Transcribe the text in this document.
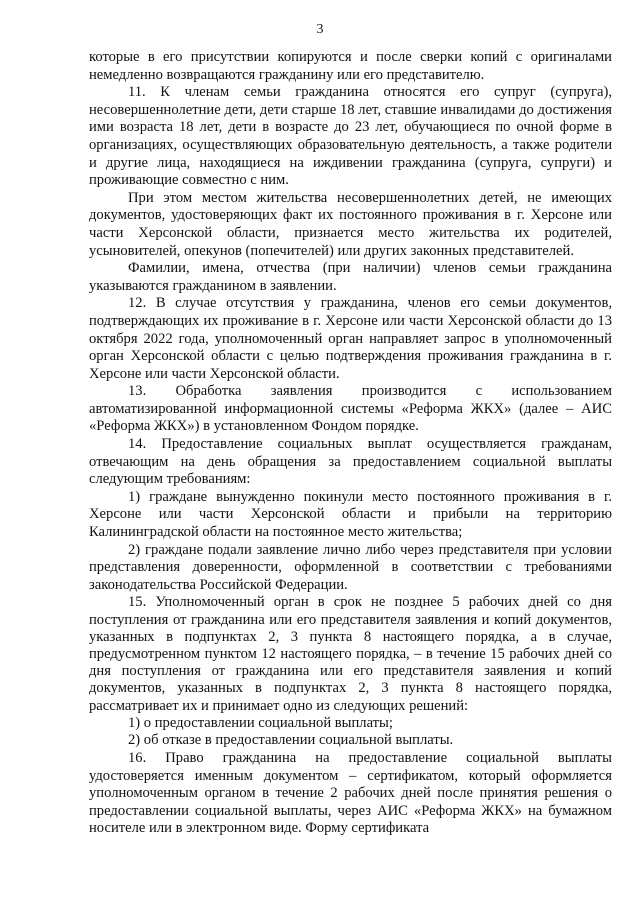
3

которые в его присутствии копируются и после сверки копий с оригиналами немедленно возвращаются гражданину или его представителю.

11. К членам семьи гражданина относятся его супруг (супруга), несовершеннолетние дети, дети старше 18 лет, ставшие инвалидами до достижения ими возраста 18 лет, дети в возрасте до 23 лет, обучающиеся по очной форме в организациях, осуществляющих образовательную деятельность, а также родители и другие лица, находящиеся на иждивении гражданина (супруга, супруги) и проживающие совместно с ним.

При этом местом жительства несовершеннолетних детей, не имеющих документов, удостоверяющих факт их постоянного проживания в г. Херсоне или части Херсонской области, признается место жительства их родителей, усыновителей, опекунов (попечителей) или других законных представителей.

Фамилии, имена, отчества (при наличии) членов семьи гражданина указываются гражданином в заявлении.

12. В случае отсутствия у гражданина, членов его семьи документов, подтверждающих их проживание в г. Херсоне или части Херсонской области до 13 октября 2022 года, уполномоченный орган направляет запрос в уполномоченный орган Херсонской области с целью подтверждения проживания гражданина в г. Херсоне или части Херсонской области.

13. Обработка заявления производится с использованием автоматизированной информационной системы «Реформа ЖКХ» (далее – АИС «Реформа ЖКХ») в установленном Фондом порядке.

14. Предоставление социальных выплат осуществляется гражданам, отвечающим на день обращения за предоставлением социальной выплаты следующим требованиям:

1) граждане вынужденно покинули место постоянного проживания в г. Херсоне или части Херсонской области и прибыли на территорию Калининградской области на постоянное место жительства;

2) граждане подали заявление лично либо через представителя при условии представления доверенности, оформленной в соответствии с требованиями законодательства Российской Федерации.

15. Уполномоченный орган в срок не позднее 5 рабочих дней со дня поступления от гражданина или его представителя заявления и копий документов, указанных в подпунктах 2, 3 пункта 8 настоящего порядка, а в случае, предусмотренном пунктом 12 настоящего порядка, – в течение 15 рабочих дней со дня поступления от гражданина или его представителя заявления и копий документов, указанных в подпунктах 2, 3 пункта 8 настоящего порядка, рассматривает их и принимает одно из следующих решений:

1) о предоставлении социальной выплаты;

2) об отказе в предоставлении социальной выплаты.

16. Право гражданина на предоставление социальной выплаты удостоверяется именным документом – сертификатом, который оформляется уполномоченным органом в течение 2 рабочих дней после принятия решения о предоставлении социальной выплаты, через АИС «Реформа ЖКХ» на бумажном носителе или в электронном виде. Форму сертификата
